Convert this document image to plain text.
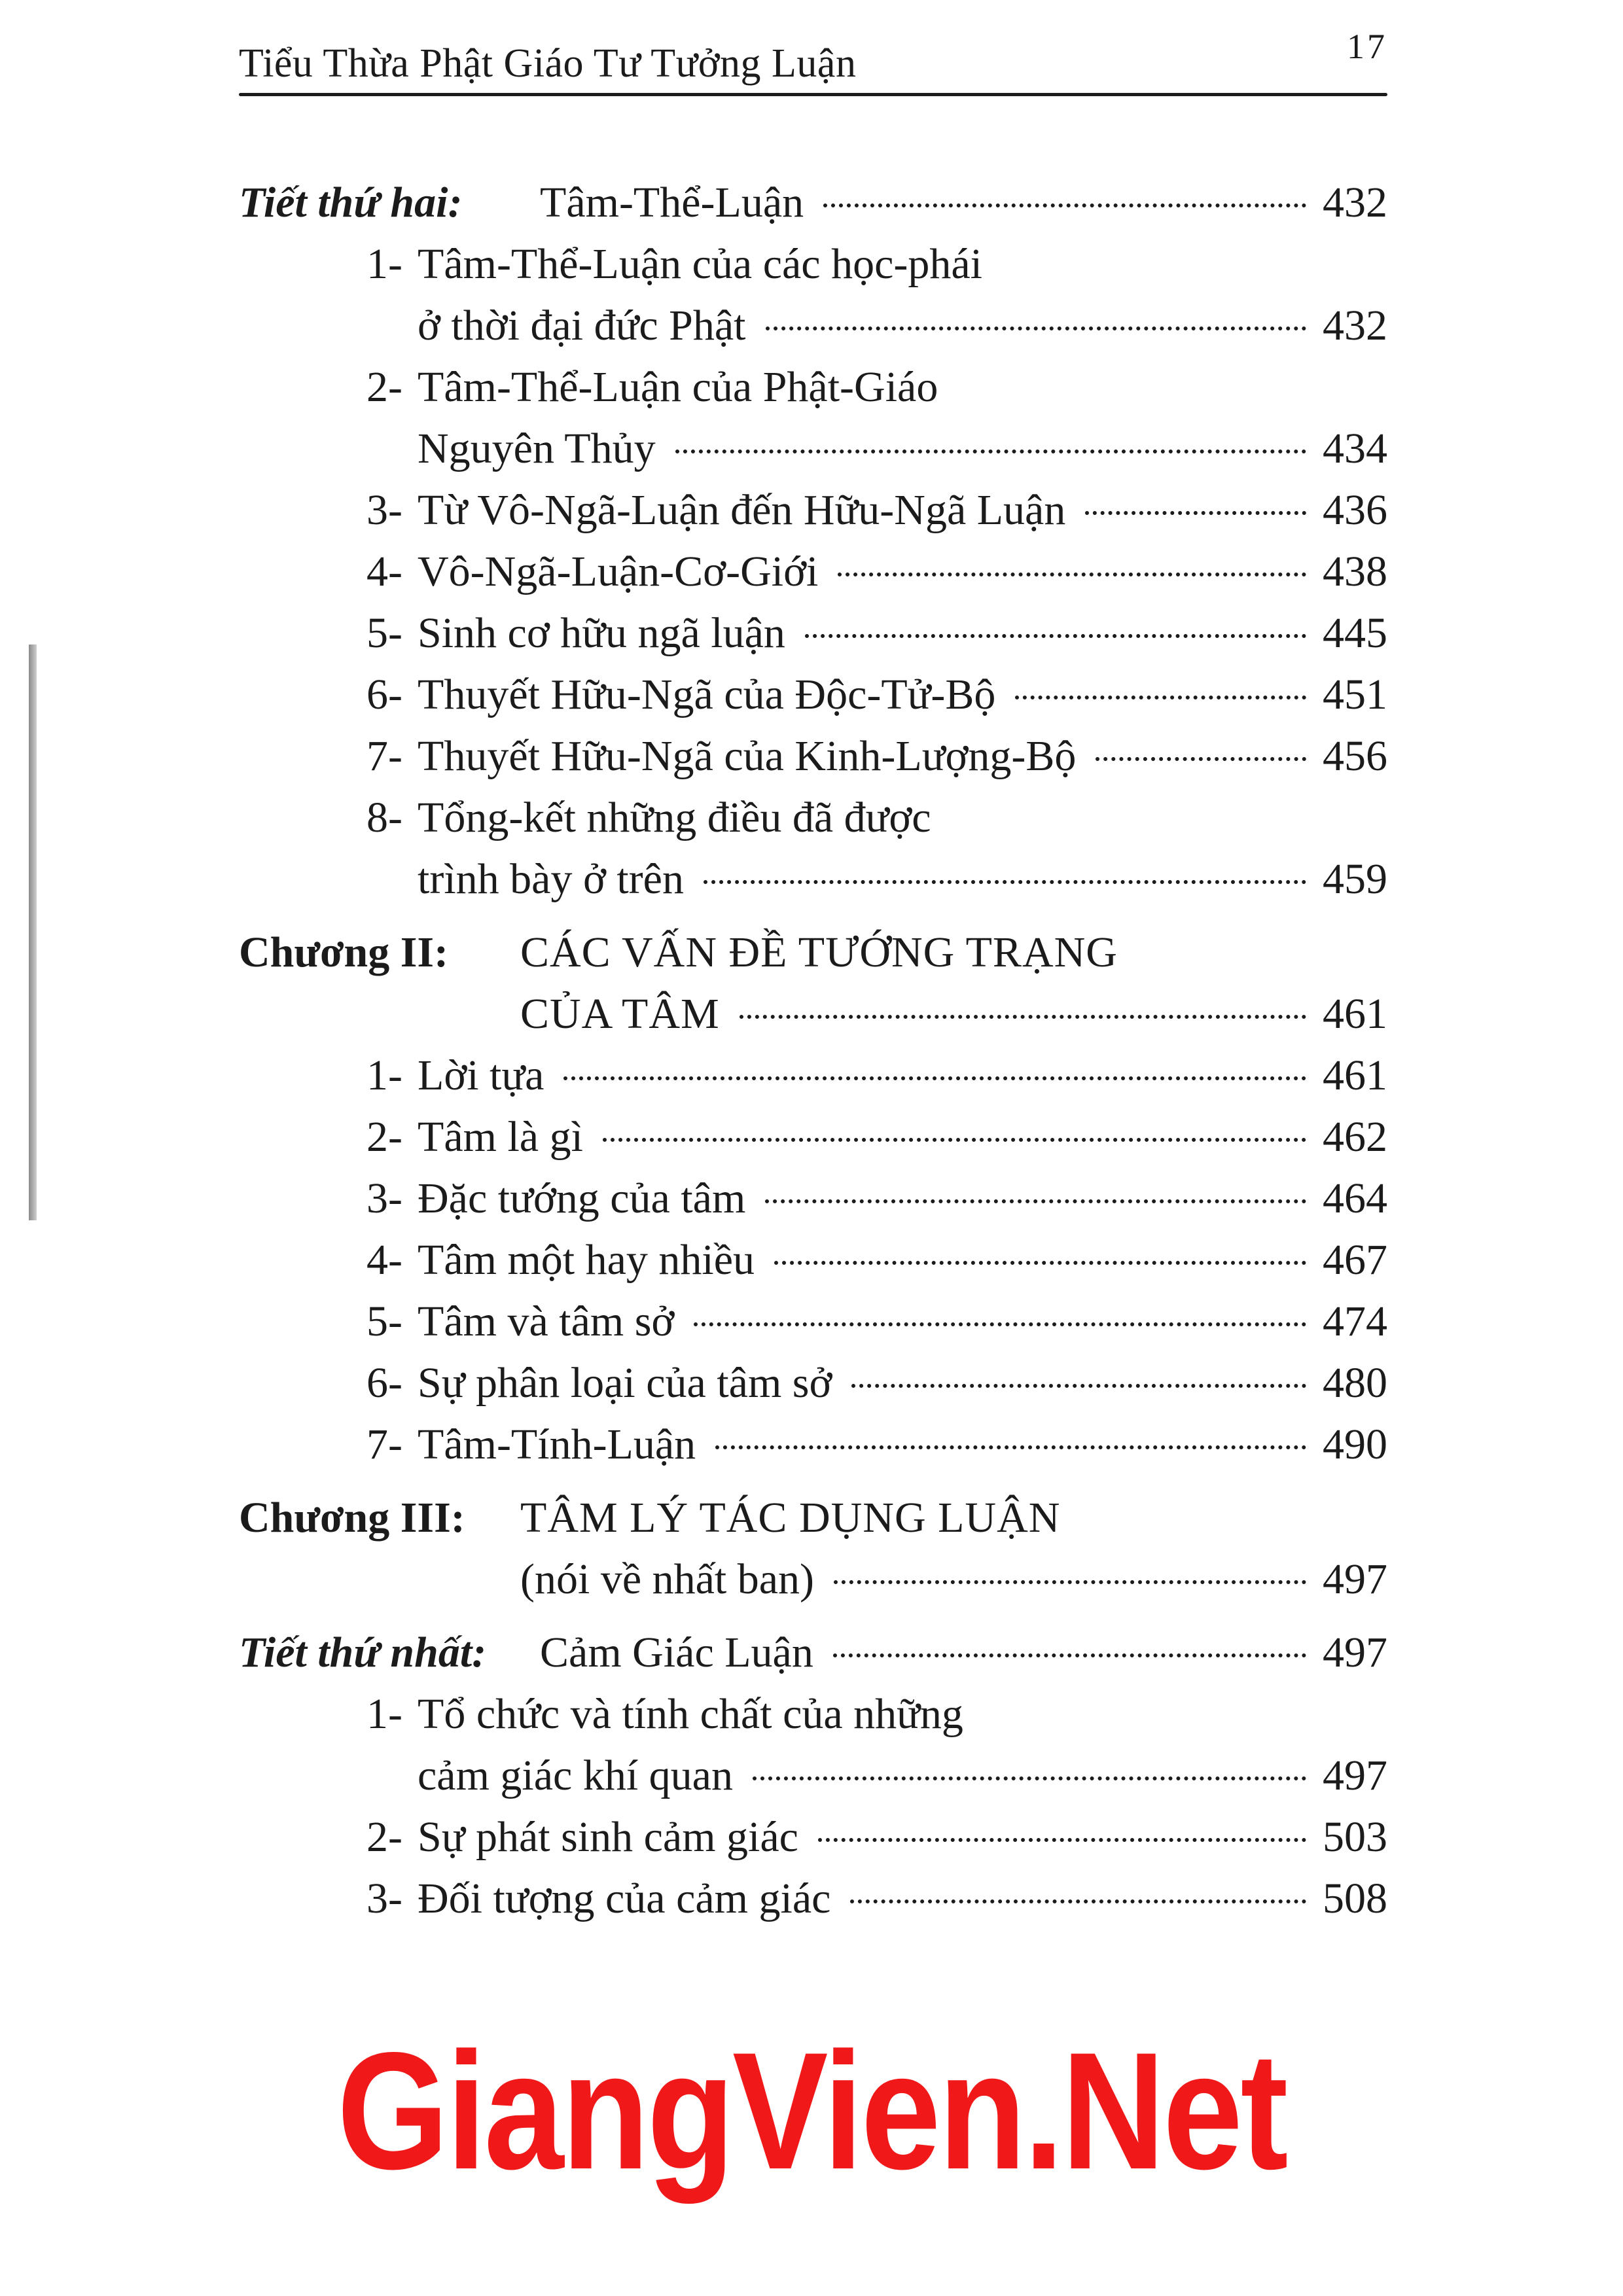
Tiểu Thừa Phật Giáo Tư Tưởng Luận	17
Tiết thứ hai:	Tâm-Thể-Luận	432
1- Tâm-Thể-Luận của các học-phái
ở thời đại đức Phật	432
2- Tâm-Thể-Luận của Phật-Giáo
Nguyên Thủy	434
3- Từ Vô-Ngã-Luận đến Hữu-Ngã Luận	436
4- Vô-Ngã-Luận-Cơ-Giới	438
5- Sinh cơ hữu ngã luận	445
6- Thuyết Hữu-Ngã của Độc-Tử-Bộ	451
7- Thuyết Hữu-Ngã của Kinh-Lượng-Bộ	456
8- Tổng-kết những điều đã được
trình bày ở trên	459
Chương II:	CÁC VẤN ĐỀ TƯỚNG TRẠNG
CỦA TÂM	461
1- Lời tựa	461
2- Tâm là gì	462
3- Đặc tướng của tâm	464
4- Tâm một hay nhiều	467
5- Tâm và tâm sở	474
6- Sự phân loại của tâm sở	480
7- Tâm-Tính-Luận	490
Chương III:	TÂM LÝ TÁC DỤNG LUẬN
(nói về nhất ban)	497
Tiết thứ nhất:	Cảm Giác Luận	497
1- Tổ chức và tính chất của những
cảm giác khí quan	497
2- Sự phát sinh cảm giác	503
3- Đối tượng của cảm giác	508
GiangVien.Net
